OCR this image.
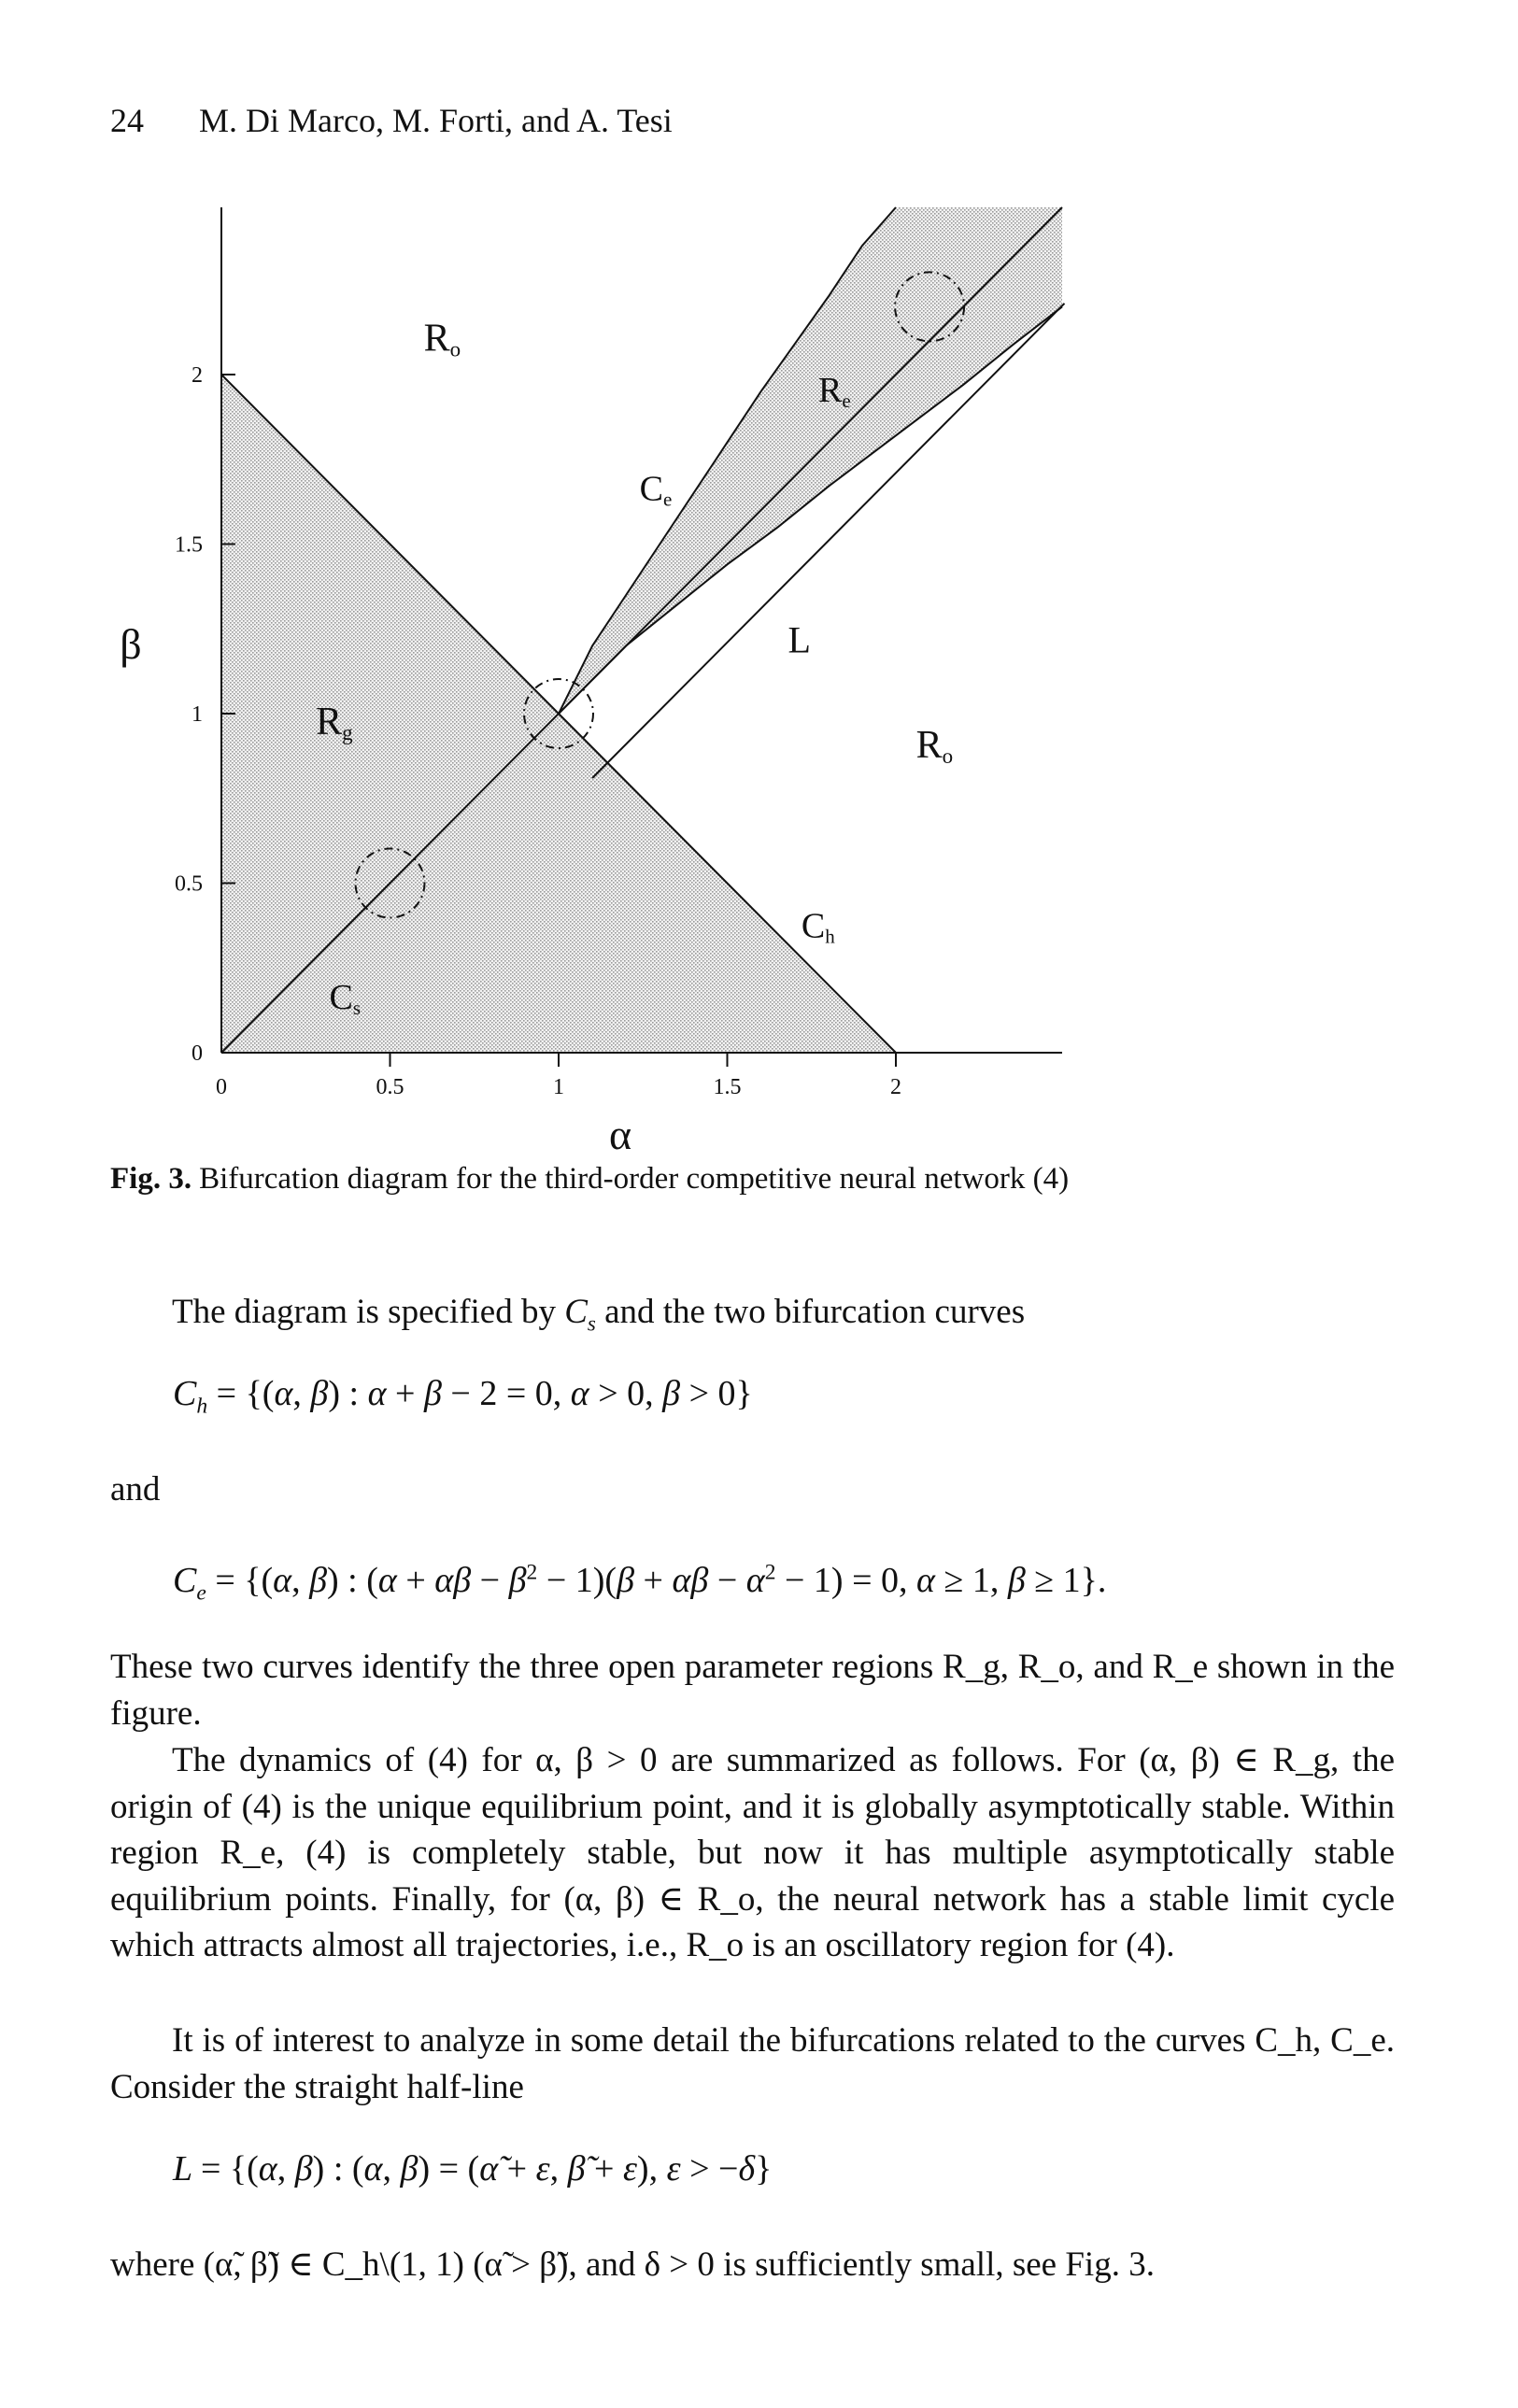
24 M. Di Marco, M. Forti, and A. Tesi
0	0.5	1	1.5	2
0
0.5
1
1.5
2
Ro
Ro
Rg
Re
Ce
Ch
Cs
L
α
β
Fig. 3. Bifurcation diagram for the third-order competitive neural network (4)
The diagram is specified by $C_s$ and the two bifurcation curves
$C_h = \{(\alpha$, β) : α + β − 2 = 0, α > 0, β > 0}
and
$C_e = \{(\alpha$, β) : $(\alpha + \alpha\beta - \beta^2 - 1)(\beta + \alpha\beta - \alpha^2 - 1) = 0$, α ≥ 1, β ≥ 1}.
These two curves identify the three open parameter regions R_g, R_o, and R_e shown in the figure.
The dynamics of (4) for α, β > 0 are summarized as follows. For (α, β) ∈ R_g, the origin of (4) is the unique equilibrium point, and it is globally asymptotically stable. Within region R_e, (4) is completely stable, but now it has multiple asymptotically stable equilibrium points. Finally, for (α, β) ∈ R_o, the neural network has a stable limit cycle which attracts almost all trajectories, i.e., R_o is an oscillatory region for (4).
It is of interest to analyze in some detail the bifurcations related to the curves C_h, C_e. Consider the straight half-line
L = {(α, β) : (α, β) = (α̃ + ε, β̃ + ε), ε > −δ}
where (α̃, β̃) ∈ C_h\(1, 1) (α̃ > β̃), and δ > 0 is sufficiently small, see Fig. 3.
